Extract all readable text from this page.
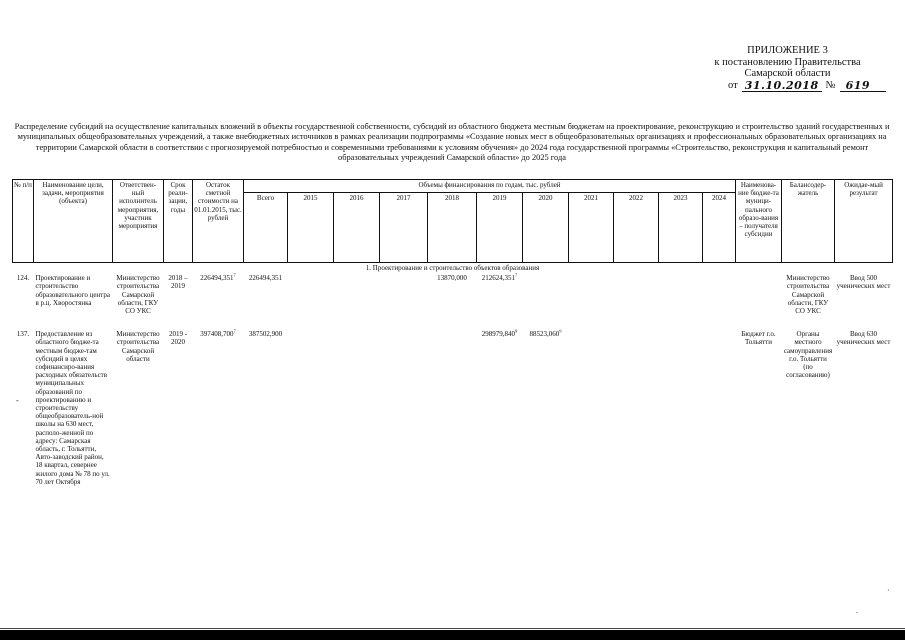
ПРИЛОЖЕНИЕ 3
к постановлению Правительства
Самарской области
от 31.10.2018 № 619
Распределение субсидий на осуществление капитальных вложений в объекты государственной собственности, субсидий из областного бюджета местным бюджетам на проектирование, реконструкцию и строительство зданий государственных и муниципальных общеобразовательных учреждений, а также внебюджетных источников в рамках реализации подпрограммы «Создание новых мест в общеобразовательных организациях и профессиональных образовательных организациях на территории Самарской области в соответствии с прогнозируемой потребностью и современными требованиями к условиям обучения» до 2024 года государственной программы «Строительство, реконструкция и капитальный ремонт образовательных учреждений Самарской области» до 2025 года
№ п/п	Наименование цели, задачи, мероприятия (объекта)	Ответствен-ный исполнитель мероприятия, участник мероприятия	Срок реали-зации, годы	Остаток сметной стоимости на 01.01.2015, тыс. рублей	Объемы финансирования по годам, тыс. рублей											Наименова-ние бюдже-та муници-пального образо-вания – получателя субсидии	Балансодер-жатель	Ожидае-мый результат
					Всего	2015	2016	2017	2018	2019	2020	2021	2022	2023	2024			
1. Проектирование и строительство объектов образования																		
124.	Проектирование и строительство образовательного центра в р.ц. Хворостянка	Министерство строительства Самарской области, ГКУ СО УКС	2018 – 2019	226494,351$^7$	226494,351				13870,000	212624,351$^7$							Министерство строительства Самарской области, ГКУ СО УКС	Ввод 500 ученических мест
137.	Предоставление из областного бюдже-та местным бюдже-там субсидий в целях софинансиро-вания расходных обязательств муниципальных образований по проектированию и строительству общеобразователь-ной школы на 630 мест, располо-женной по адресу: Самарская область, г. Тольятти, Авто-заводский район, 18 квартал, севернее жилого дома № 78 по ул. 70 лет Октября	Министерство строительства Самарской области	2019 - 2020	397408,700$^7$	387502,900					298979,840$^9$	88523,060$^9$					Бюджет г.о. Тольятти	Органы местного самоуправления г.о. Тольятти (по согласованию)	Ввод 630 ученических мест
-
.
·
